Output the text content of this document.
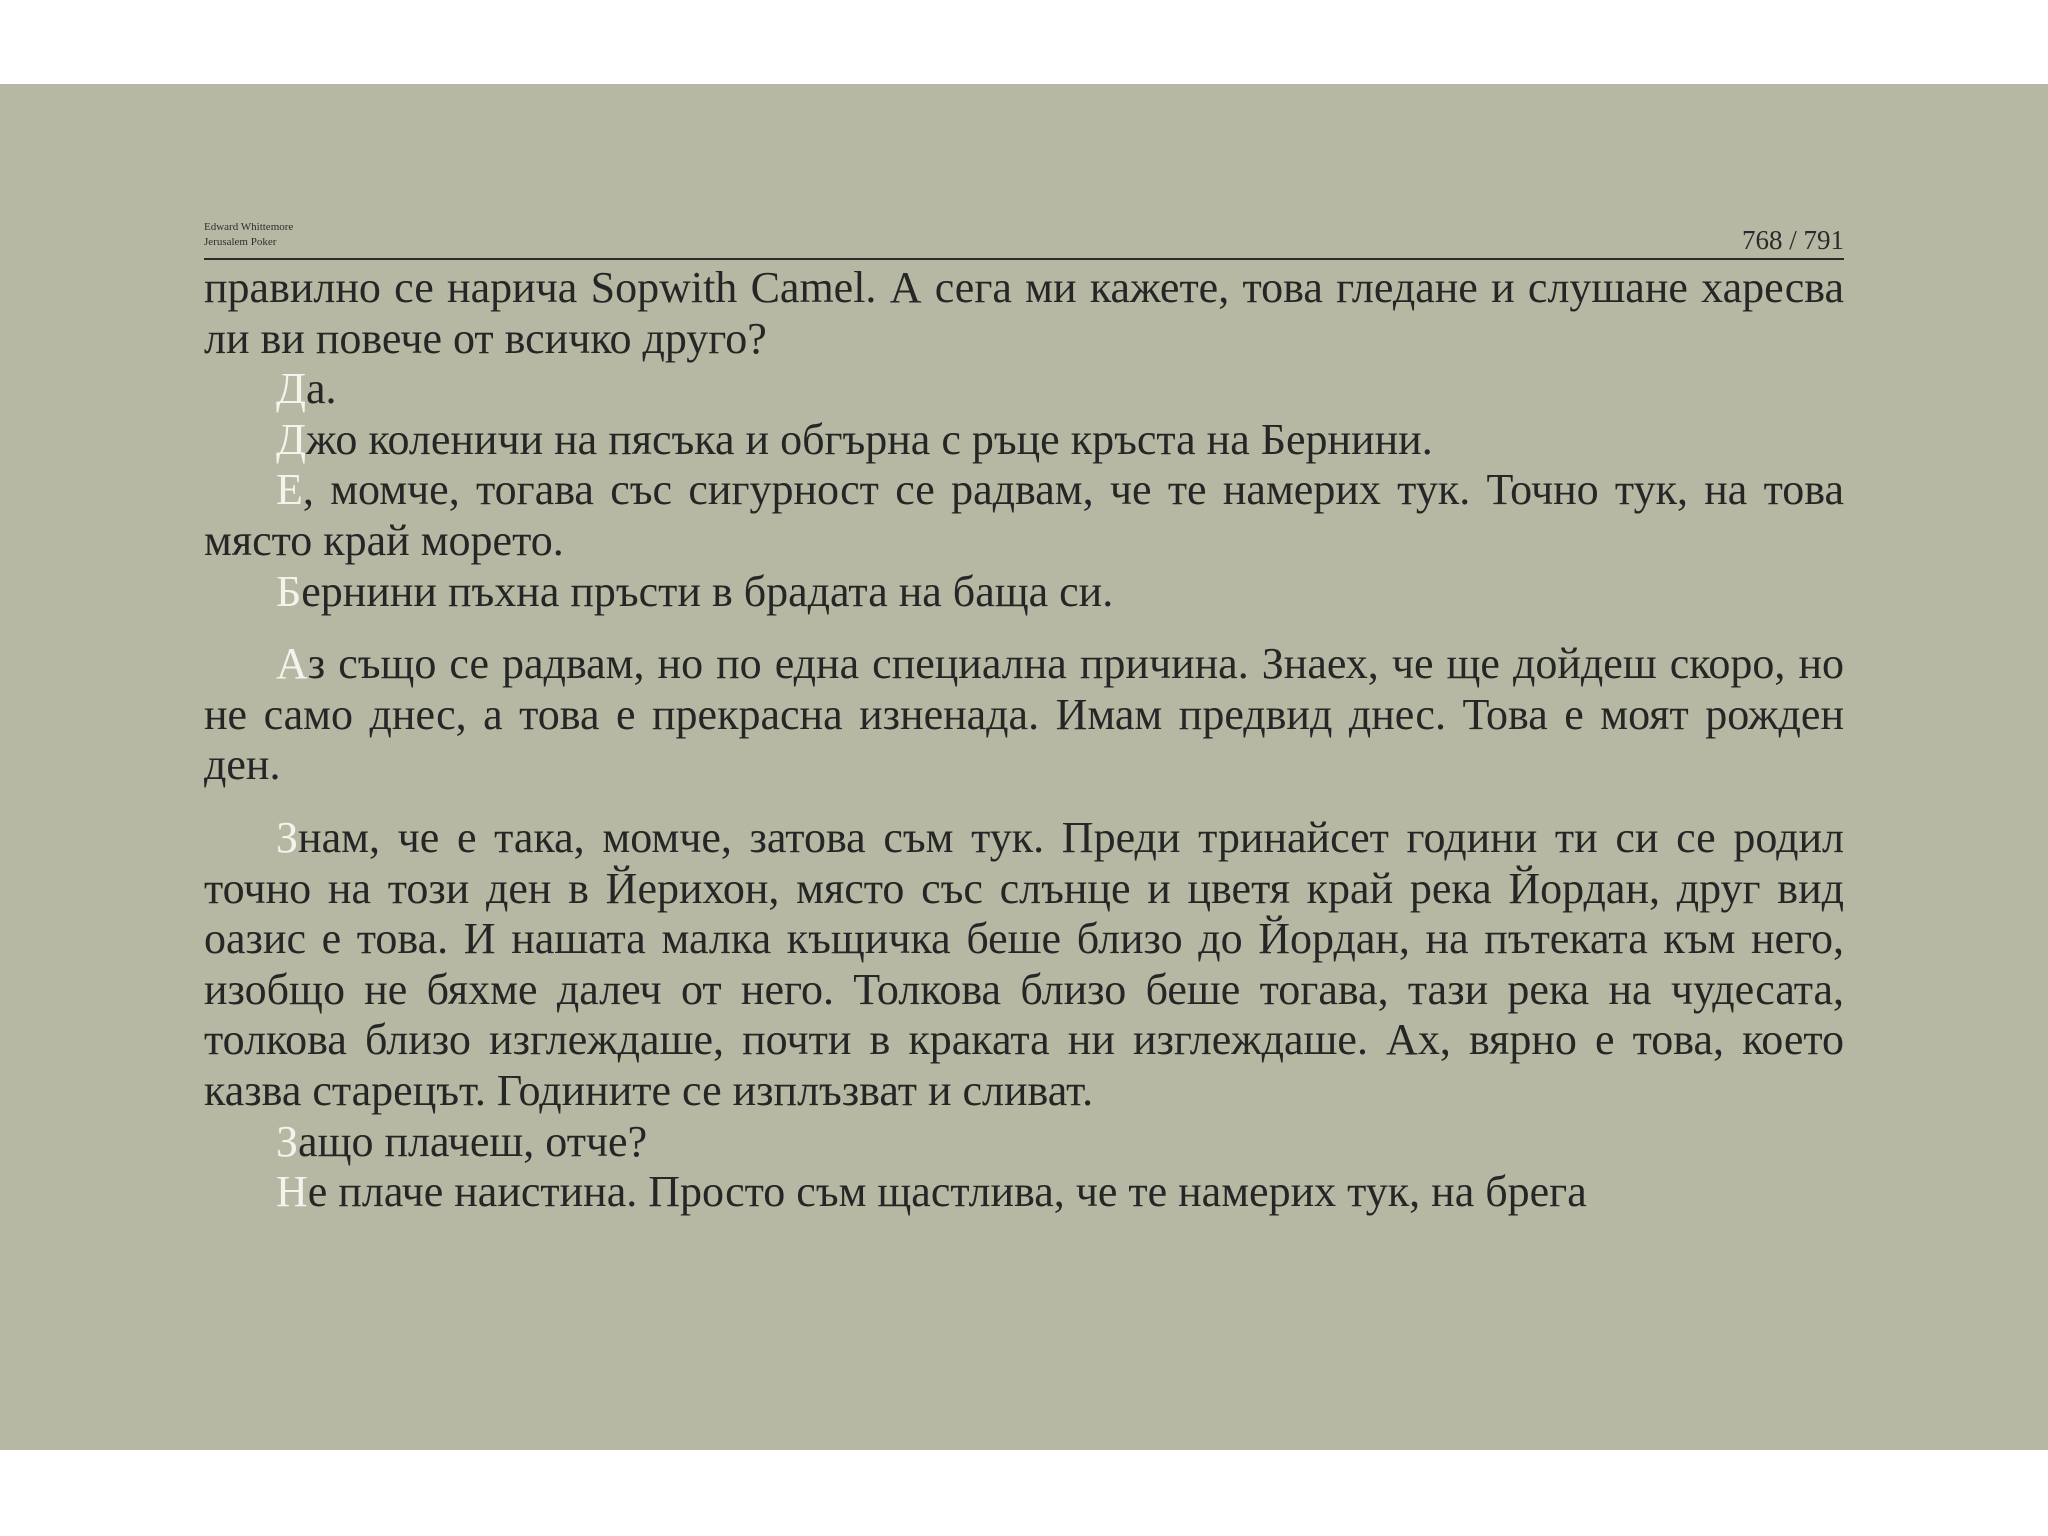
Edward Whittemore
Jerusalem Poker	768 / 791

правилно се нарича Sopwith Camel. А сега ми кажете, това гледане и слушане харесва ли ви повече от всичко друго?

Да.

Джо коленичи на пясъка и обгърна с ръце кръста на Бернини.

Е, момче, тогава със сигурност се радвам, че те намерих тук. Точно тук, на това място край морето.

Бернини пъхна пръсти в брадата на баща си.

Аз също се радвам, но по една специална причина. Знаех, че ще дойдеш скоро, но не само днес, а това е прекрасна изненада. Имам предвид днес. Това е моят рожден ден.

Знам, че е така, момче, затова съм тук. Преди тринайсет години ти си се родил точно на този ден в Йерихон, място със слънце и цветя край река Йордан, друг вид оазис е това. И нашата малка къщичка беше близо до Йордан, на пътеката към него, изобщо не бяхме далеч от него. Толкова близо беше тогава, тази река на чудесата, толкова близо изглеждаше, почти в краката ни изглеждаше. Ах, вярно е това, което казва старецът. Годините се изплъзват и сливат.

Защо плачеш, отче?

Не плаче наистина. Просто съм щастлива, че те намерих тук, на брега
